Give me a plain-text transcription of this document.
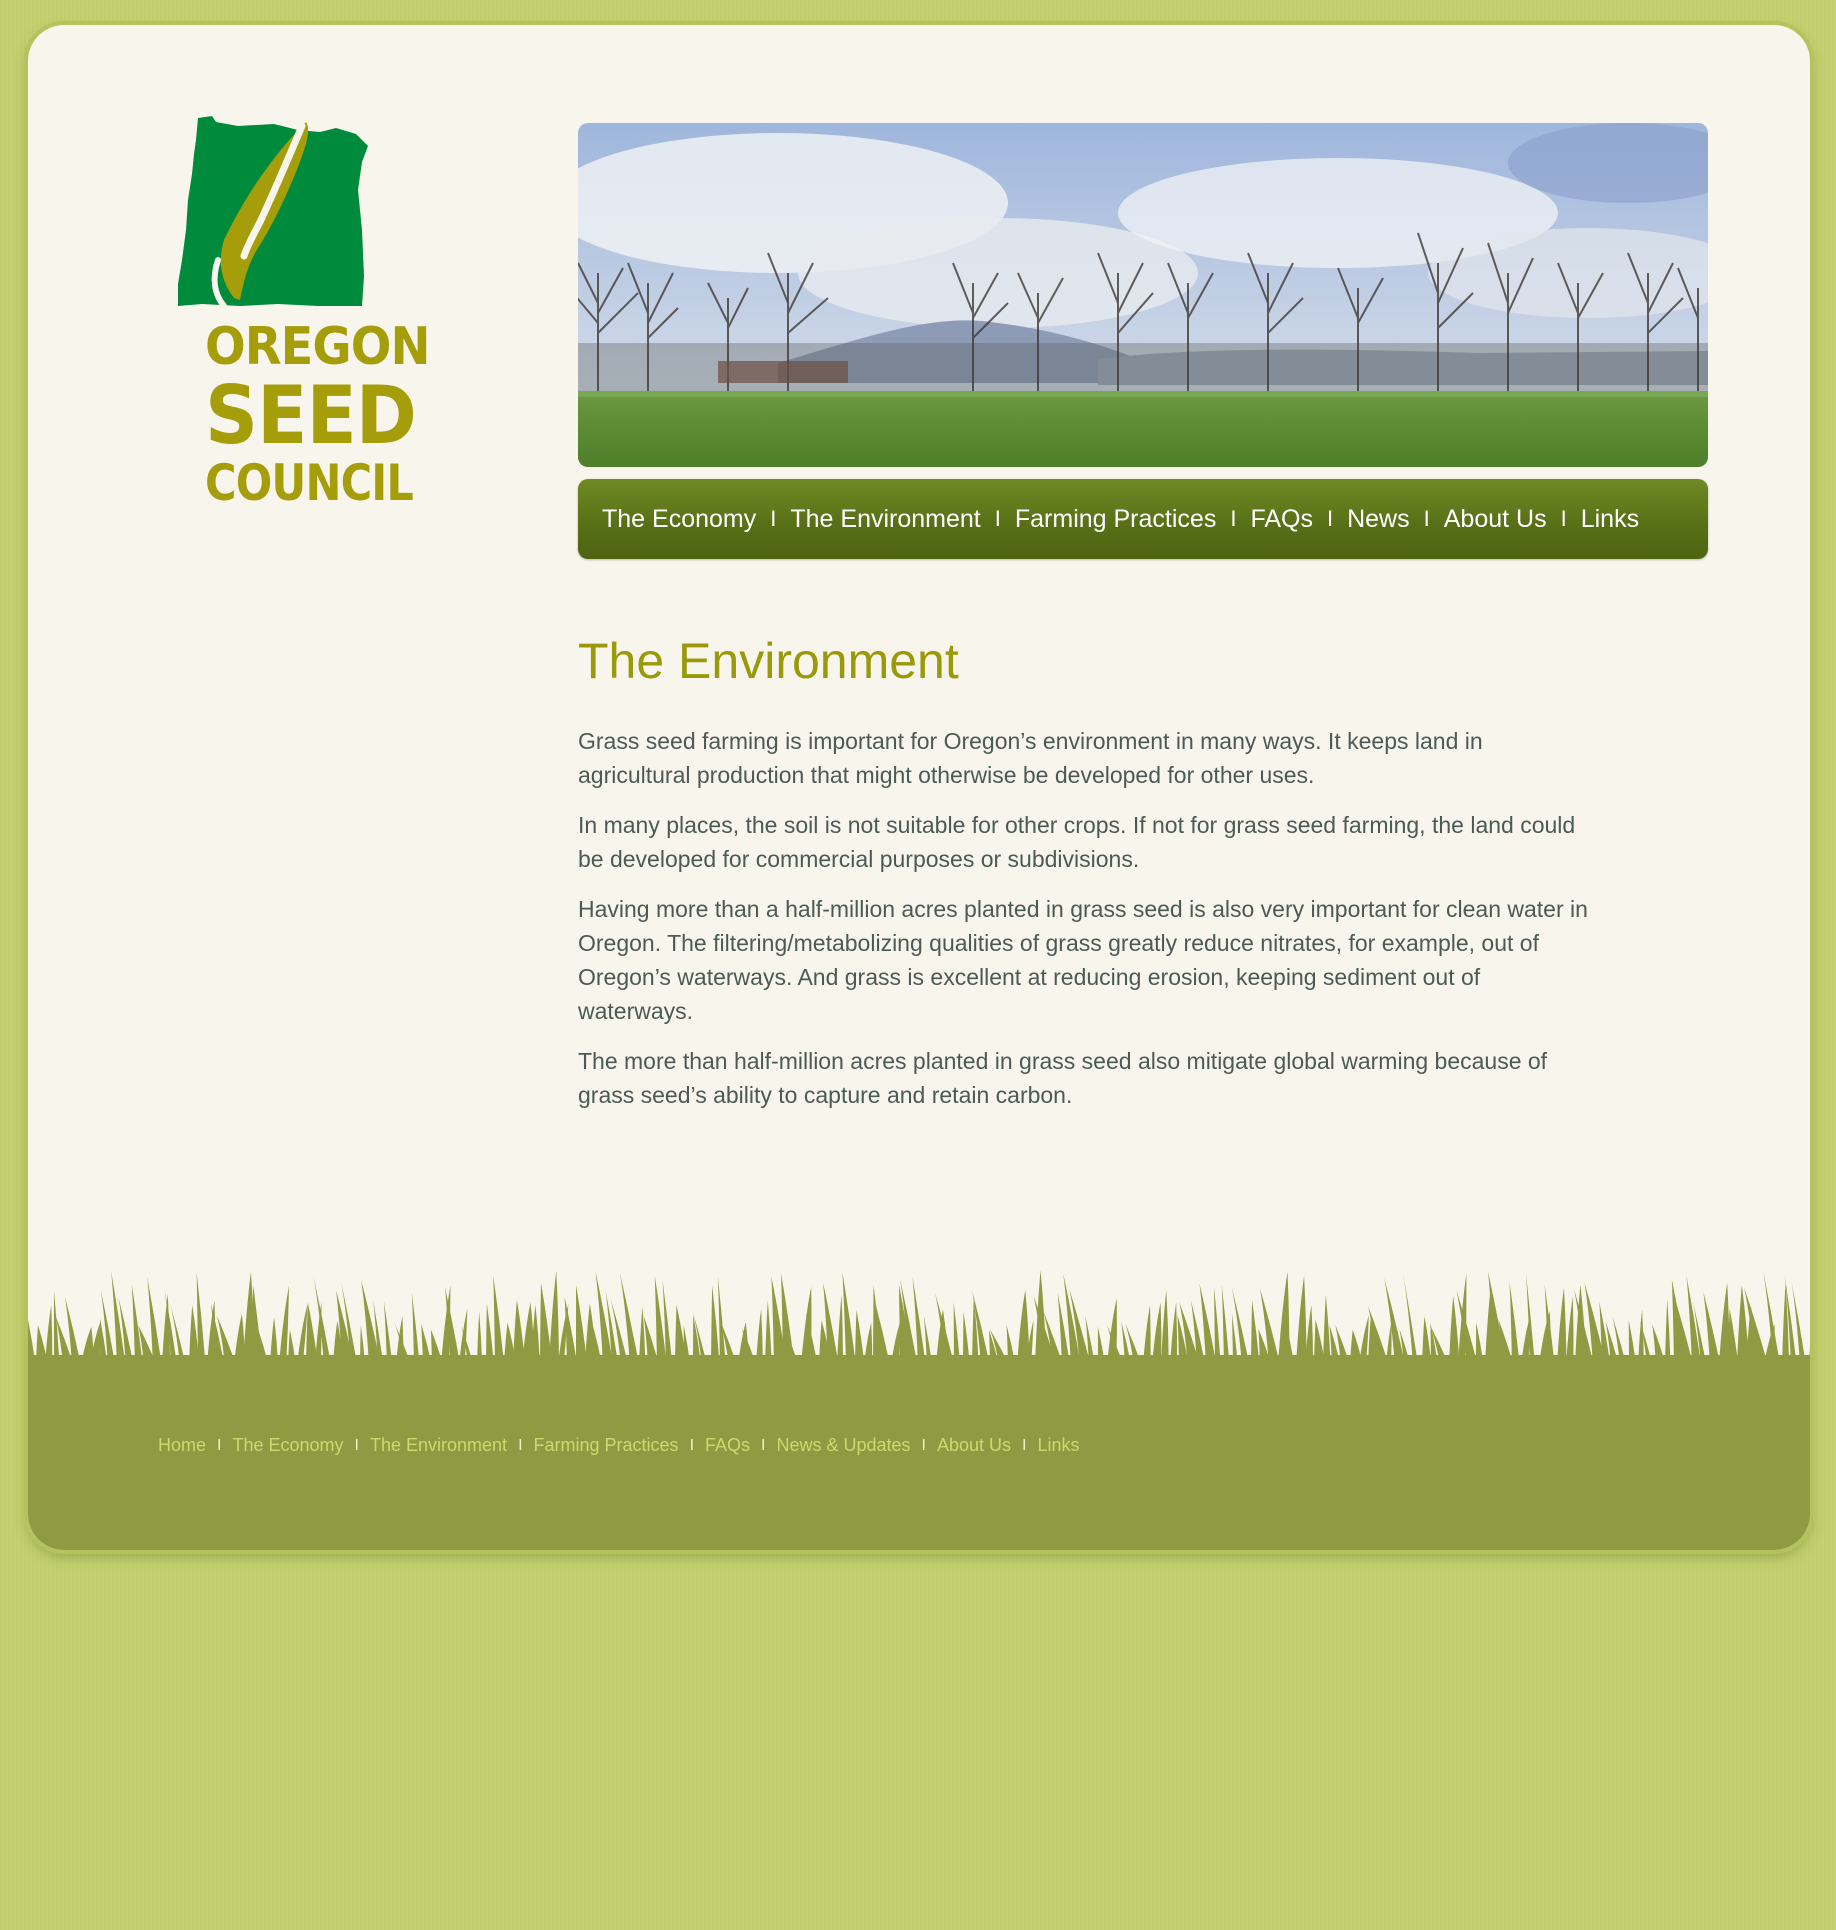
OREGON
SEED
COUNCIL
The Economy I The Environment I Farming Practices I FAQs I News I About Us I Links
The Environment

Grass seed farming is important for Oregon’s environment in many ways. It keeps land in agricultural production that might otherwise be developed for other uses.

In many places, the soil is not suitable for other crops. If not for grass seed farming, the land could be developed for commercial purposes or subdivisions.

Having more than a half-million acres planted in grass seed is also very important for clean water in Oregon. The filtering/metabolizing qualities of grass greatly reduce nitrates, for example, out of Oregon’s waterways. And grass is excellent at reducing erosion, keeping sediment out of waterways.

The more than half-million acres planted in grass seed also mitigate global warming because of grass seed’s ability to capture and retain carbon.

Home I The Economy I The Environment I Farming Practices I FAQs I News & Updates I About Us I Links
